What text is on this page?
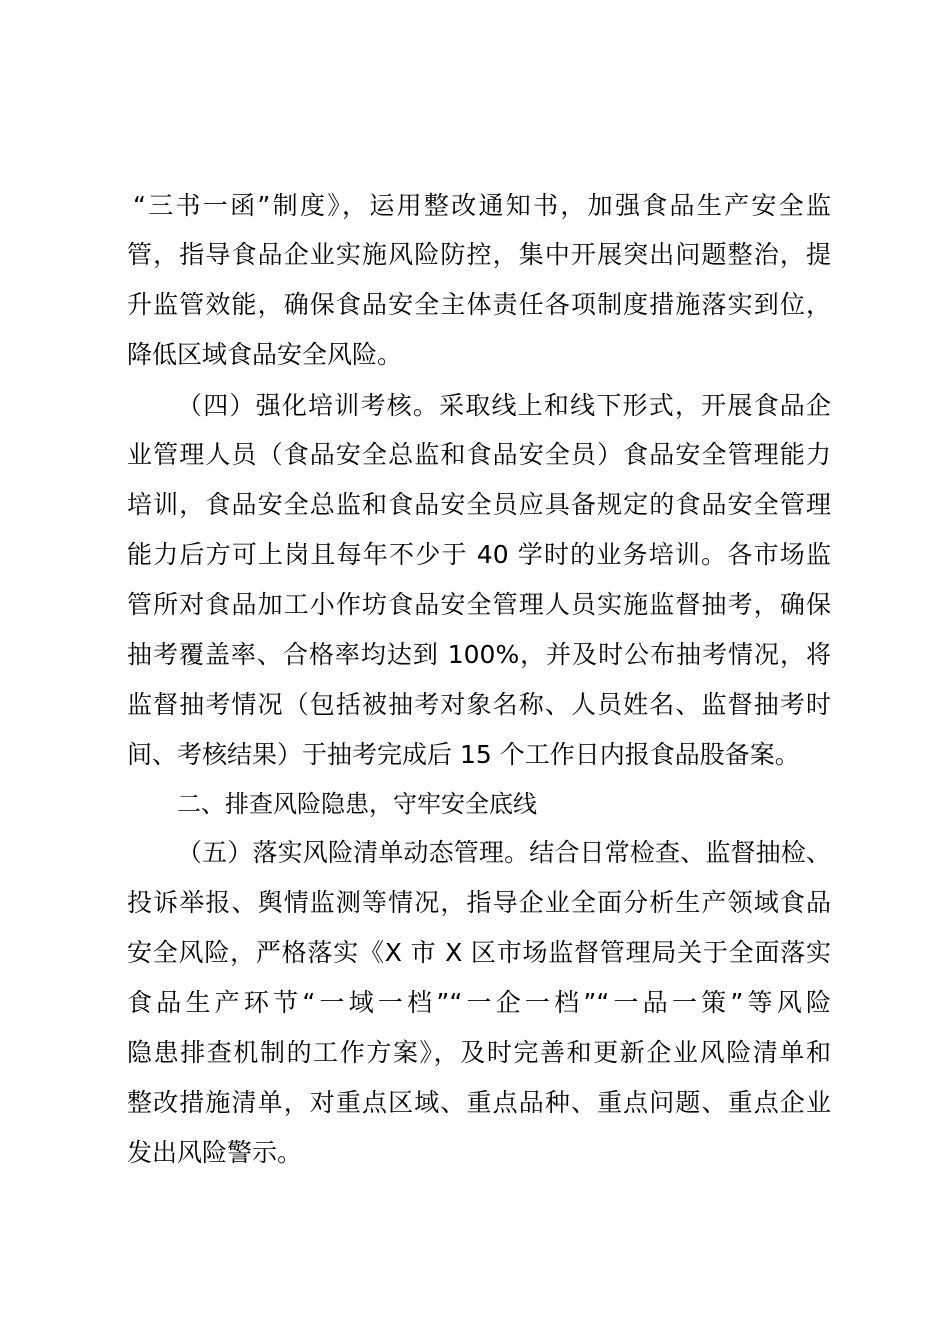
“三书一函”制度》，运用整改通知书，加强食品生产安全监
管，指导食品企业实施风险防控，集中开展突出问题整治，提
升监管效能，确保食品安全主体责任各项制度措施落实到位，
降低区域食品安全风险。
（四）强化培训考核。采取线上和线下形式，开展食品企
业管理人员（食品安全总监和食品安全员）食品安全管理能力
培训，食品安全总监和食品安全员应具备规定的食品安全管理
能力后方可上岗且每年不少于 40 学时的业务培训。各市场监
管所对食品加工小作坊食品安全管理人员实施监督抽考，确保
抽考覆盖率、合格率均达到 100%，并及时公布抽考情况，将
监督抽考情况（包括被抽考对象名称、人员姓名、监督抽考时
间、考核结果）于抽考完成后 15 个工作日内报食品股备案。
二、排查风险隐患，守牢安全底线
（五）落实风险清单动态管理。结合日常检查、监督抽检、
投诉举报、舆情监测等情况，指导企业全面分析生产领域食品
安全风险，严格落实《X 市 X 区市场监督管理局关于全面落实
食品生产环节“一域一档”“一企一档”“一品一策”等风险
隐患排查机制的工作方案》，及时完善和更新企业风险清单和
整改措施清单，对重点区域、重点品种、重点问题、重点企业
发出风险警示。
